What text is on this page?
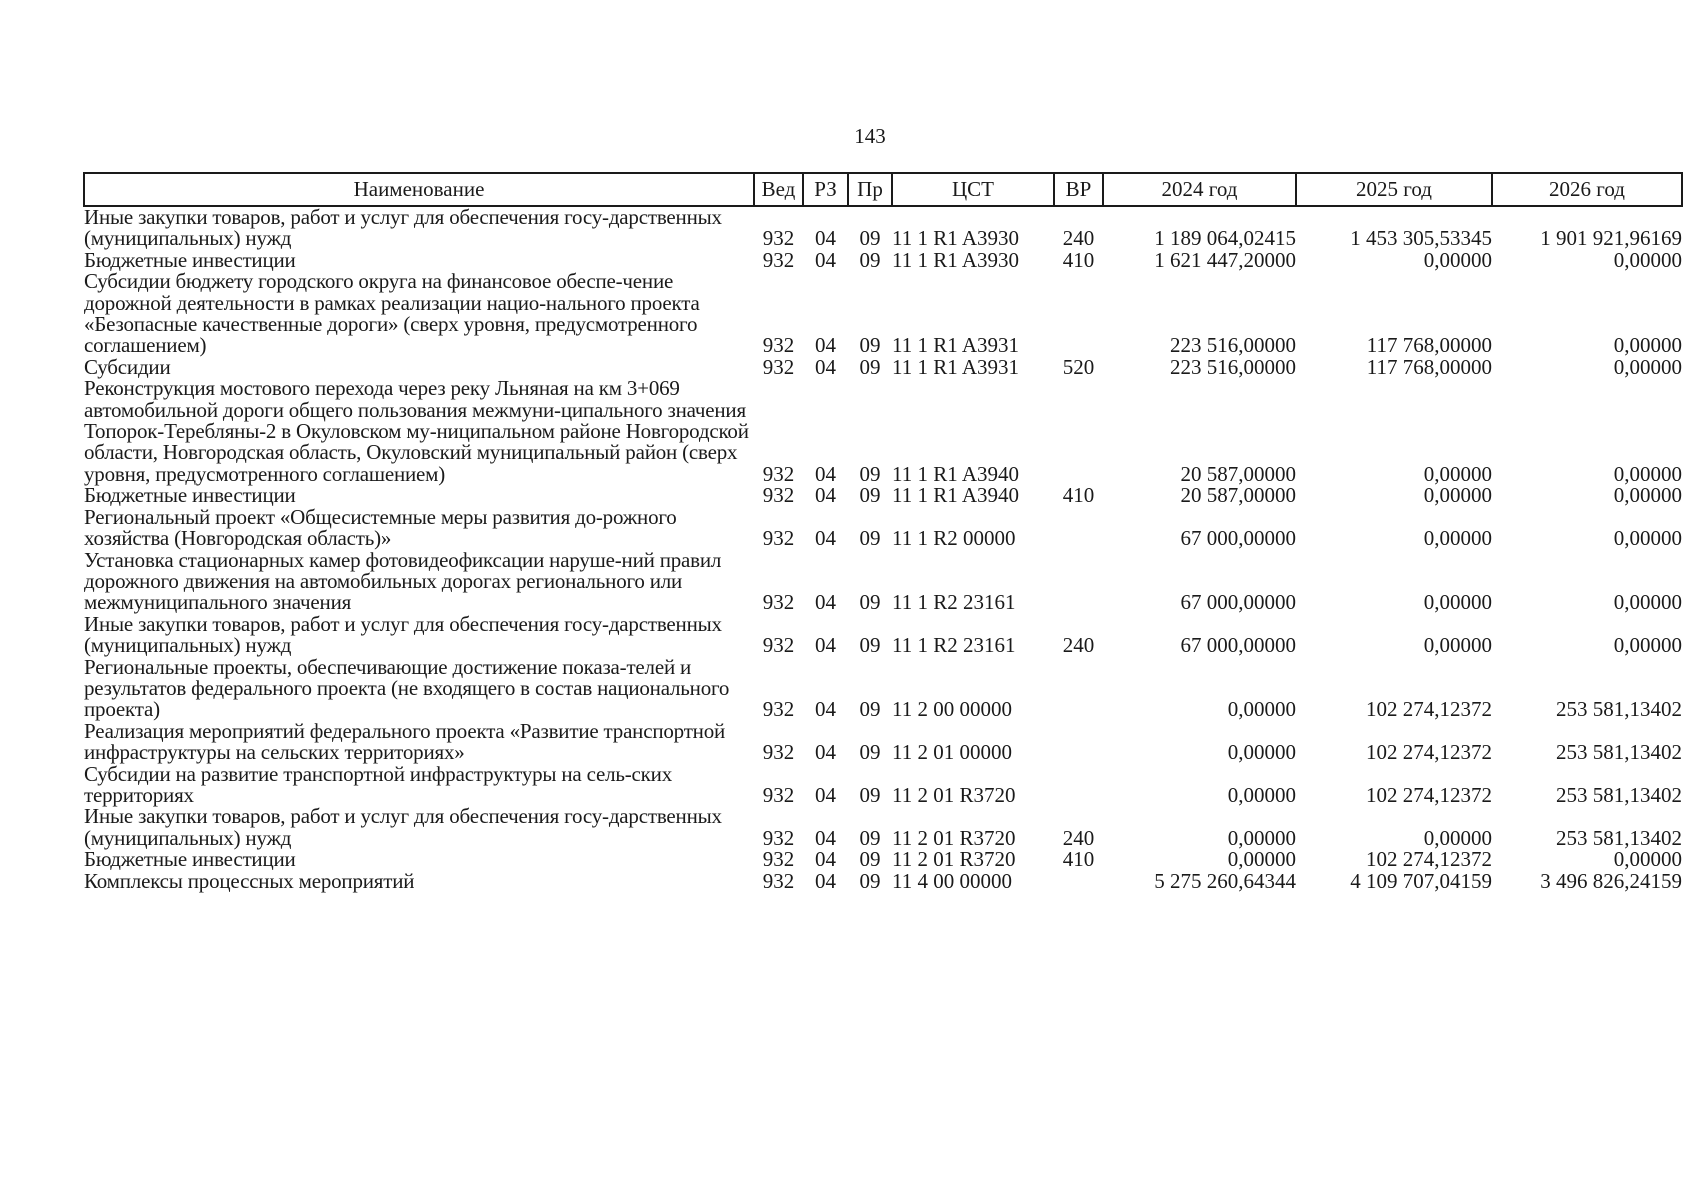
143
Наименование	Вед	РЗ	Пр	ЦСТ	ВР	2024 год	2025 год	2026 год
Иные закупки товаров, работ и услуг для обеспечения госу-дарственных (муниципальных) нужд	932	04	09	11 1 R1 A3930	240	1 189 064,02415	1 453 305,53345	1 901 921,96169
Бюджетные инвестиции	932	04	09	11 1 R1 A3930	410	1 621 447,20000	0,00000	0,00000
Субсидии бюджету городского округа на финансовое обеспе-чение дорожной деятельности в рамках реализации нацио-нального проекта «Безопасные качественные дороги» (сверх уровня, предусмотренного соглашением)	932	04	09	11 1 R1 A3931		223 516,00000	117 768,00000	0,00000
Субсидии	932	04	09	11 1 R1 A3931	520	223 516,00000	117 768,00000	0,00000
Реконструкция мостового перехода через реку Льняная на км 3+069 автомобильной дороги общего пользования межмуни-ципального значения Топорок-Теребляны-2 в Окуловском му-ниципальном районе Новгородской области, Новгородская область, Окуловский муниципальный район (сверх уровня, предусмотренного соглашением)	932	04	09	11 1 R1 A3940		20 587,00000	0,00000	0,00000
Бюджетные инвестиции	932	04	09	11 1 R1 A3940	410	20 587,00000	0,00000	0,00000
Региональный проект «Общесистемные меры развития до-рожного хозяйства (Новгородская область)»	932	04	09	11 1 R2 00000		67 000,00000	0,00000	0,00000
Установка стационарных камер фотовидеофиксации наруше-ний правил дорожного движения на автомобильных дорогах регионального или межмуниципального значения	932	04	09	11 1 R2 23161		67 000,00000	0,00000	0,00000
Иные закупки товаров, работ и услуг для обеспечения госу-дарственных (муниципальных) нужд	932	04	09	11 1 R2 23161	240	67 000,00000	0,00000	0,00000
Региональные проекты, обеспечивающие достижение показа-телей и результатов федерального проекта (не входящего в состав национального проекта)	932	04	09	11 2 00 00000		0,00000	102 274,12372	253 581,13402
Реализация мероприятий федерального проекта «Развитие транспортной инфраструктуры на сельских территориях»	932	04	09	11 2 01 00000		0,00000	102 274,12372	253 581,13402
Субсидии на развитие транспортной инфраструктуры на сель-ских территориях	932	04	09	11 2 01 R3720		0,00000	102 274,12372	253 581,13402
Иные закупки товаров, работ и услуг для обеспечения госу-дарственных (муниципальных) нужд	932	04	09	11 2 01 R3720	240	0,00000	0,00000	253 581,13402
Бюджетные инвестиции	932	04	09	11 2 01 R3720	410	0,00000	102 274,12372	0,00000
Комплексы процессных мероприятий	932	04	09	11 4 00 00000		5 275 260,64344	4 109 707,04159	3 496 826,24159
